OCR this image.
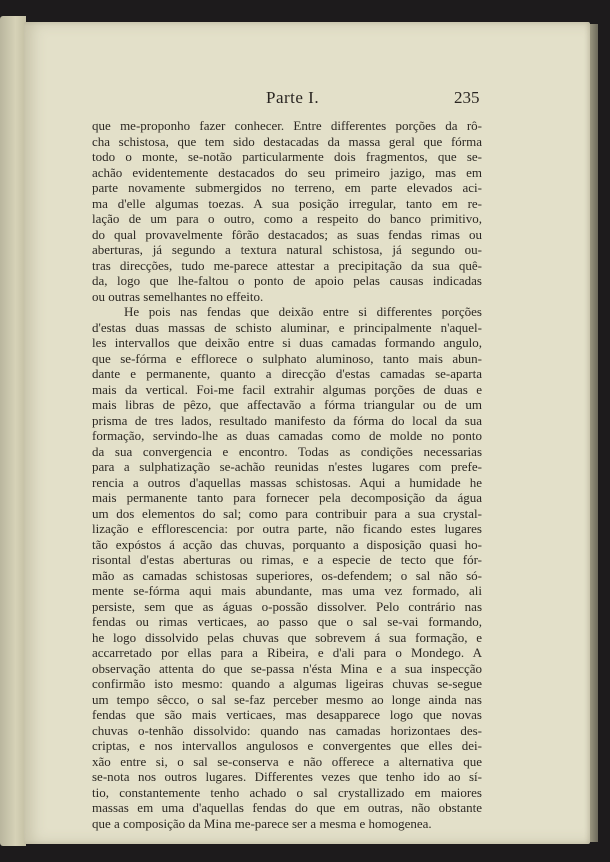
Parte I.	235
que me-proponho fazer conhecer. Entre differentes porções da rô-
cha schistosa, que tem sido destacadas da massa geral que fórma
todo o monte, se-notão particularmente dois fragmentos, que se-
achão evidentemente destacados do seu primeiro jazigo, mas em
parte novamente submergidos no terreno, em parte elevados aci-
ma d'elle algumas toezas. A sua posição irregular, tanto em re-
lação de um para o outro, como a respeito do banco primitivo,
do qual provavelmente fôrão destacados; as suas fendas rimas ou
aberturas, já segundo a textura natural schistosa, já segundo ou-
tras direcções, tudo me-parece attestar a precipitação da sua quê-
da, logo que lhe-faltou o ponto de apoio pelas causas indicadas
ou outras semelhantes no effeito.
He pois nas fendas que deixão entre si differentes porções
d'estas duas massas de schisto aluminar, e principalmente n'aquel-
les intervallos que deixão entre si duas camadas formando angulo,
que se-fórma e efflorece o sulphato aluminoso, tanto mais abun-
dante e permanente, quanto a direcção d'estas camadas se-aparta
mais da vertical. Foi-me facil extrahir algumas porções de duas e
mais libras de pêzo, que affectavão a fórma triangular ou de um
prisma de tres lados, resultado manifesto da fórma do local da sua
formação, servindo-lhe as duas camadas como de molde no ponto
da sua convergencia e encontro. Todas as condições necessarias
para a sulphatização se-achão reunidas n'estes lugares com prefe-
rencia a outros d'aquellas massas schistosas. Aqui a humidade he
mais permanente tanto para fornecer pela decomposição da água
um dos elementos do sal; como para contribuir para a sua crystal-
lização e efflorescencia: por outra parte, não ficando estes lugares
tão expóstos á acção das chuvas, porquanto a disposição quasi ho-
risontal d'estas aberturas ou rimas, e a especie de tecto que fór-
mão as camadas schistosas superiores, os-defendem; o sal não só-
mente se-fórma aqui mais abundante, mas uma vez formado, ali
persiste, sem que as águas o-possão dissolver. Pelo contrário nas
fendas ou rimas verticaes, ao passo que o sal se-vai formando,
he logo dissolvido pelas chuvas que sobrevem á sua formação, e
accarretado por ellas para a Ribeira, e d'ali para o Mondego. A
observação attenta do que se-passa n'ésta Mina e a sua inspecção
confirmão isto mesmo: quando a algumas ligeiras chuvas se-segue
um tempo sêcco, o sal se-faz perceber mesmo ao longe ainda nas
fendas que são mais verticaes, mas desapparece logo que novas
chuvas o-tenhão dissolvido: quando nas camadas horizontaes des-
criptas, e nos intervallos angulosos e convergentes que elles dei-
xão entre si, o sal se-conserva e não offerece a alternativa que
se-nota nos outros lugares. Differentes vezes que tenho ido ao sí-
tio, constantemente tenho achado o sal crystallizado em maiores
massas em uma d'aquellas fendas do que em outras, não obstante
que a composição da Mina me-parece ser a mesma e homogenea.
